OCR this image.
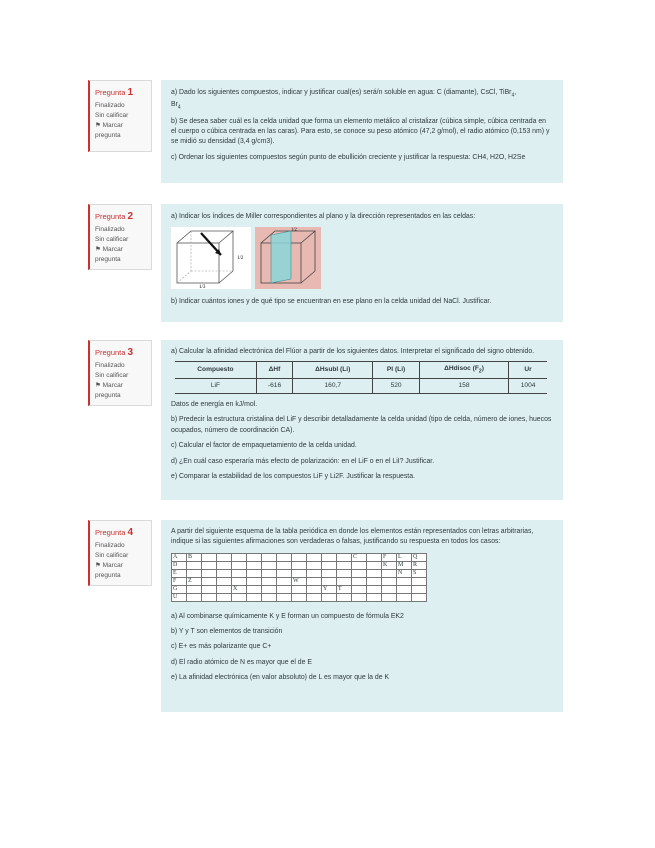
Pregunta 1
Finalizado
Sin calificar
⚑ Marcar pregunta

a) Dado los siguientes compuestos, indicar y justificar cual(es) será/n soluble en agua: C (diamante), CsCl, TiBr$_4$,
$Br_4$

b) Se desea saber cuál es la celda unidad que forma un elemento metálico al cristalizar (cúbica simple, cúbica centrada en el cuerpo o cúbica centrada en las caras). Para esto, se conoce su peso atómico (47,2 g/mol), el radio atómico (0,153 nm) y se midió su densidad (3,4 g/cm3).

c) Ordenar los siguientes compuestos según punto de ebullición creciente y justificar la respuesta: CH4, H2O, H2Se

Pregunta 2
Finalizado
Sin calificar
⚑ Marcar pregunta

a) Indicar los índices de Miller correspondientes al plano y la dirección representados en las celdas:

1/2
1/3
1/2

b) Indicar cuántos iones y de qué tipo se encuentran en ese plano en la celda unidad del NaCl. Justificar.

Pregunta 3
Finalizado
Sin calificar
⚑ Marcar pregunta

a) Calcular la afinidad electrónica del Flúor a partir de los siguientes datos. Interpretar el significado del signo obtenido.

Compuesto	ΔHf	ΔHsubl (Li)	PI (Li)	ΔHdisoc $(F_2)$	Ur
LiF	-616	160,7	520	158	1004

Datos de energía en kJ/mol.

b) Predecir la estructura cristalina del LiF y describir detalladamente la celda unidad (tipo de celda, número de iones, huecos ocupados, número de coordinación CA).

c) Calcular el factor de empaquetamiento de la celda unidad.

d) ¿En cuál caso esperaría más efecto de polarización: en el LiF o en el LiI? Justificar.

e) Comparar la estabilidad de los compuestos LiF y Li2F. Justificar la respuesta.

Pregunta 4
Finalizado
Sin calificar
⚑ Marcar pregunta

A partir del siguiente esquema de la tabla periódica en donde los elementos están representados con letras arbitrarias, indique si las siguientes afirmaciones son verdaderas o falsas, justificando su respuesta en todos los casos:

A	B											C		F	L	Q
D														K	M	R
E															N	S
F	Z							W								
G				X						Y	T					
U																

a) Al combinarse químicamente K y E forman un compuesto de fórmula EK2

b) Y y T son elementos de transición

c) E+ es más polarizante que C+

d) El radio atómico de N es mayor que el de E

e) La afinidad electrónica (en valor absoluto) de L es mayor que la de K
